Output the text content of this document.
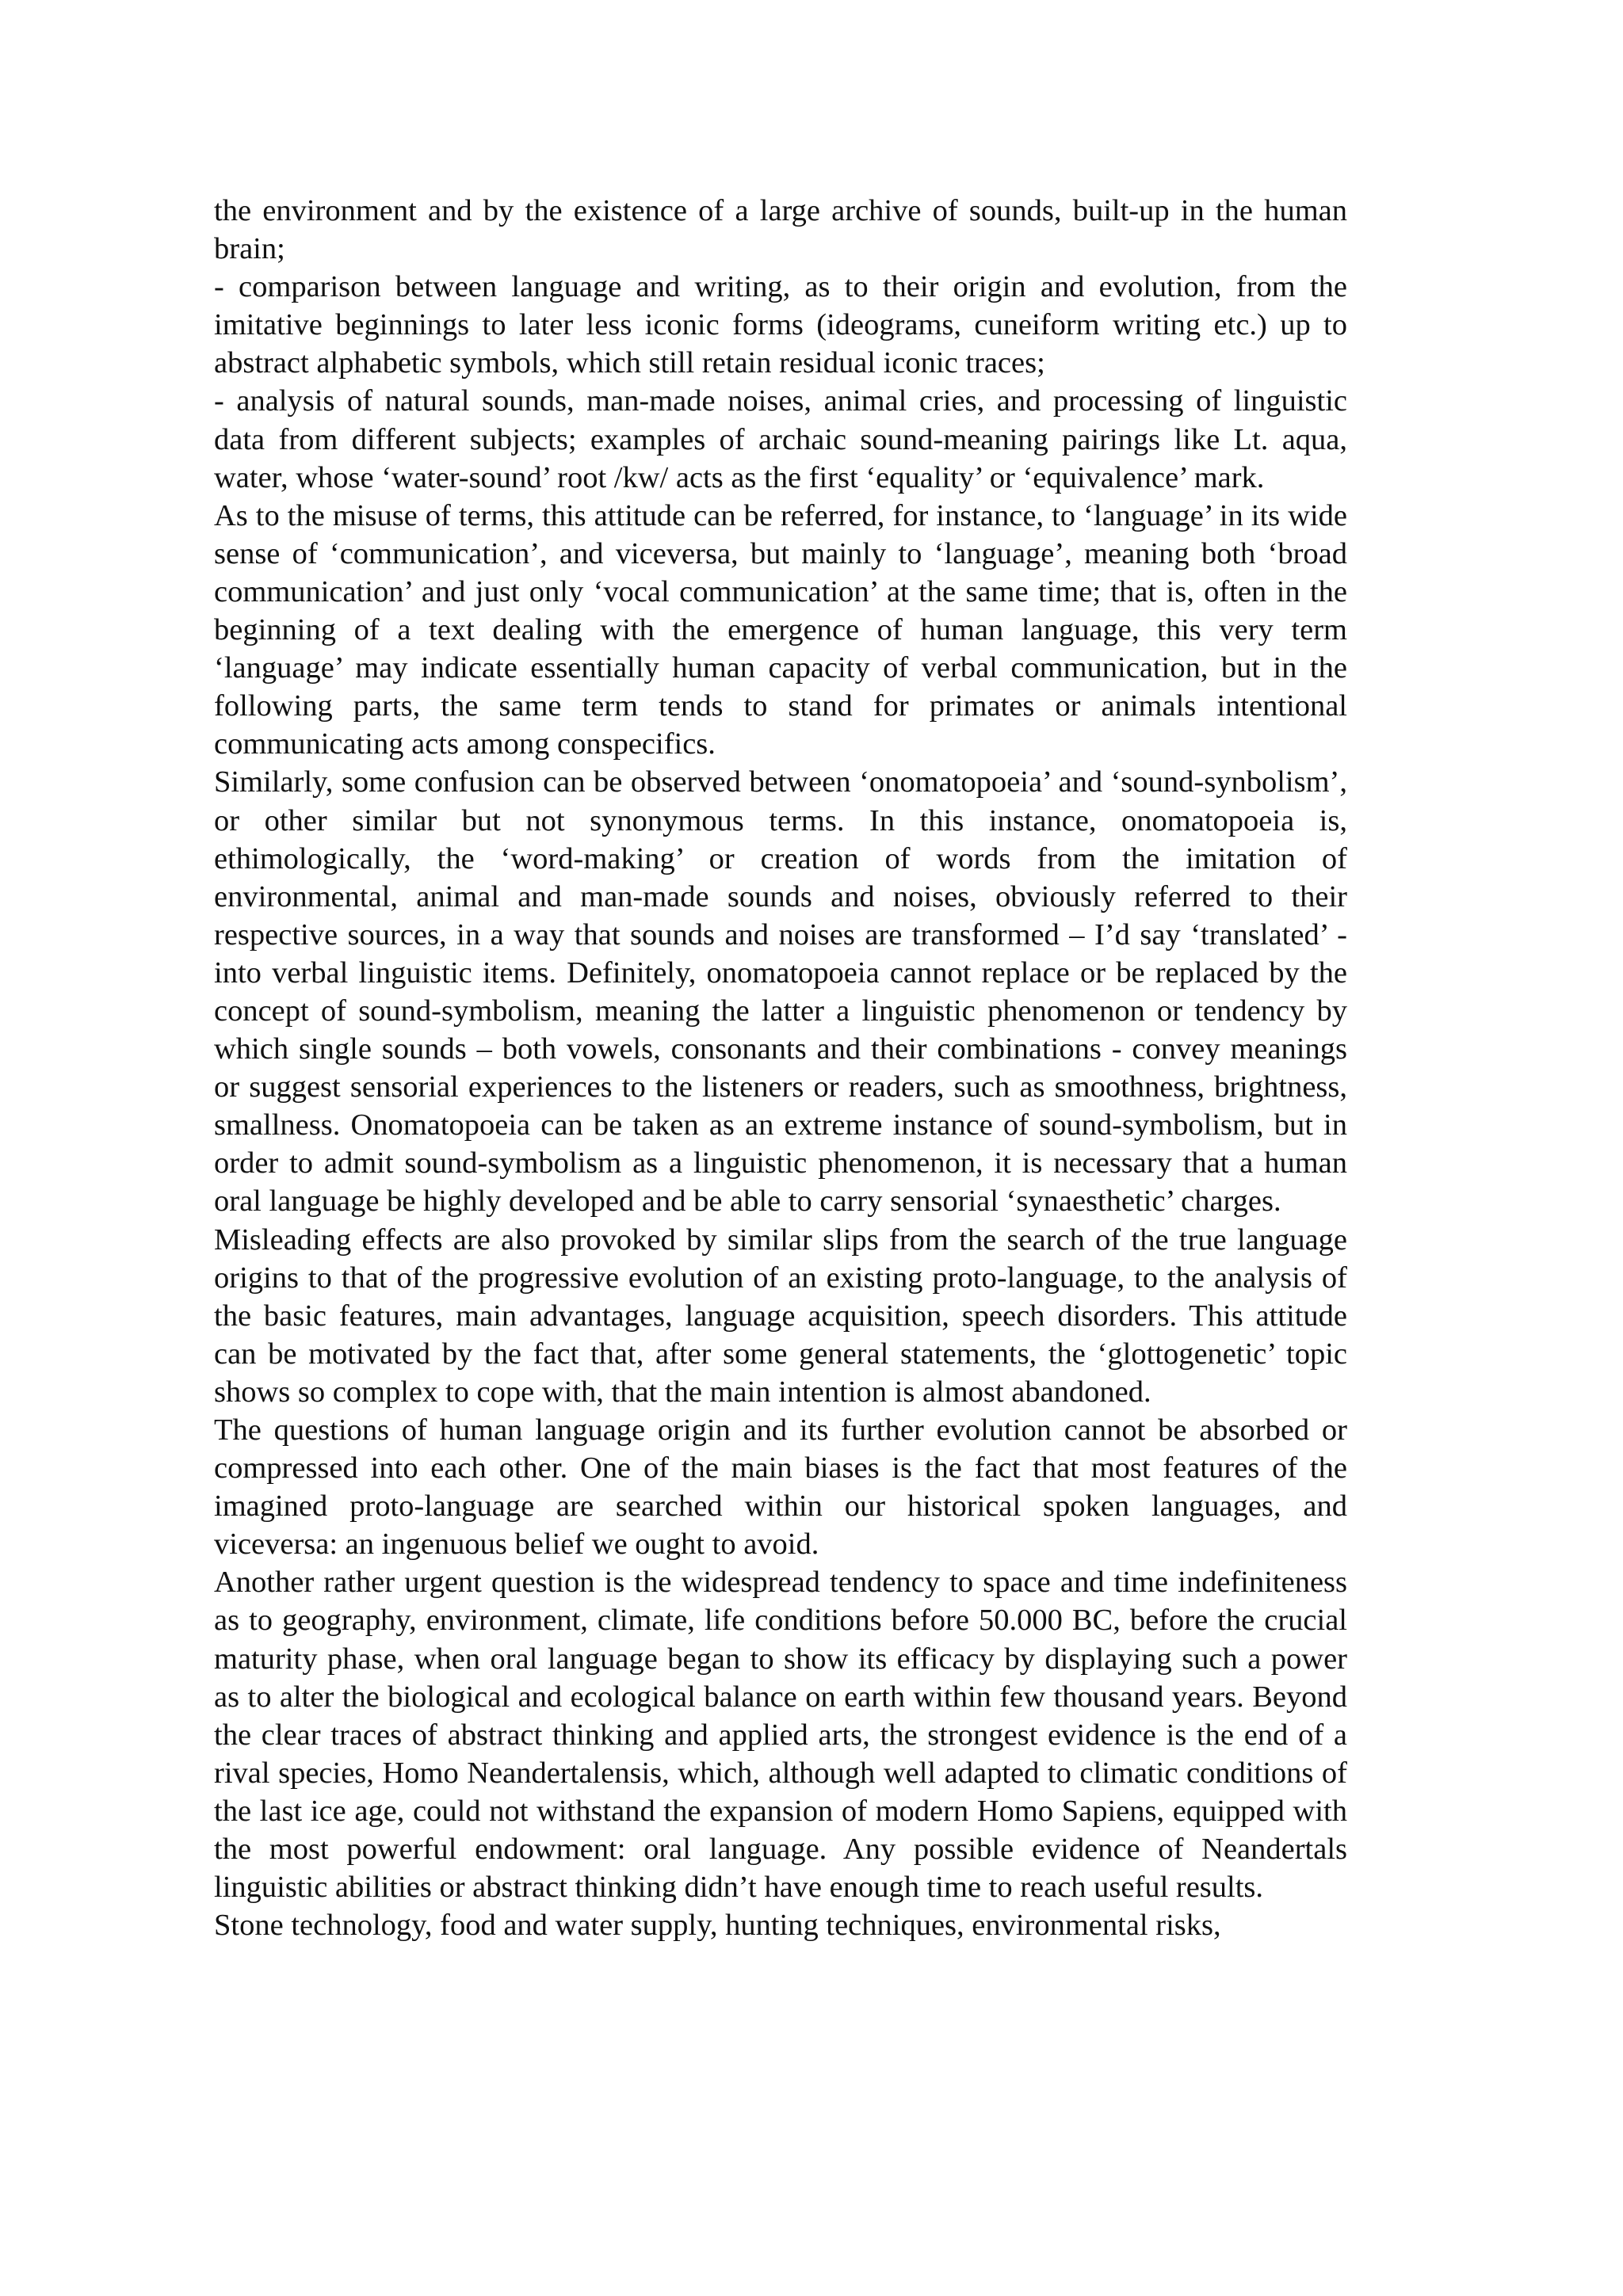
the environment and by the existence of a large archive of sounds, built-up in the human brain;

- comparison between language and writing, as to their origin and evolution, from the imitative beginnings to later less iconic forms (ideograms, cuneiform writing etc.) up to abstract alphabetic symbols, which still retain residual iconic traces;

- analysis of natural sounds, man-made noises, animal cries, and processing of linguistic data from different subjects; examples of archaic sound-meaning pairings like Lt. aqua, water, whose ‘water-sound’ root /kw/ acts as the first ‘equality’ or ‘equivalence’ mark.

As to the misuse of terms, this attitude can be referred, for instance, to ‘language’ in its wide sense of ‘communication’, and viceversa, but mainly to ‘language’, meaning both ‘broad communication’ and just only ‘vocal communication’ at the same time; that is, often in the beginning of a text dealing with the emergence of human language, this very term ‘language’ may indicate essentially human capacity of verbal communication, but in the following parts, the same term tends to stand for primates or animals intentional communicating acts among conspecifics.

Similarly, some confusion can be observed between ‘onomatopoeia’ and ‘sound-synbolism’, or other similar but not synonymous terms. In this instance, onomatopoeia is, ethimologically, the ‘word-making’ or creation of words from the imitation of environmental, animal and man-made sounds and noises, obviously referred to their respective sources, in a way that sounds and noises are transformed – I’d say ‘translated’ - into verbal linguistic items. Definitely, onomatopoeia cannot replace or be replaced by the concept of sound-symbolism, meaning the latter a linguistic phenomenon or tendency by which single sounds – both vowels, consonants and their combinations - convey meanings or suggest sensorial experiences to the listeners or readers, such as smoothness, brightness, smallness. Onomatopoeia can be taken as an extreme instance of sound-symbolism, but in order to admit sound-symbolism as a linguistic phenomenon, it is necessary that a human oral language be highly developed and be able to carry sensorial ‘synaesthetic’ charges.

Misleading effects are also provoked by similar slips from the search of the true language origins to that of the progressive evolution of an existing proto-language, to the analysis of the basic features, main advantages, language acquisition, speech disorders. This attitude can be motivated by the fact that, after some general statements, the ‘glottogenetic’ topic shows so complex to cope with, that the main intention is almost abandoned.

The questions of human language origin and its further evolution cannot be absorbed or compressed into each other. One of the main biases is the fact that most features of the imagined proto-language are searched within our historical spoken languages, and viceversa: an ingenuous belief we ought to avoid.

Another rather urgent question is the widespread tendency to space and time indefiniteness as to geography, environment, climate, life conditions before 50.000 BC, before the crucial maturity phase, when oral language began to show its efficacy by displaying such a power as to alter the biological and ecological balance on earth within few thousand years. Beyond the clear traces of abstract thinking and applied arts, the strongest evidence is the end of a rival species, Homo Neandertalensis, which, although well adapted to climatic conditions of the last ice age, could not withstand the expansion of modern Homo Sapiens, equipped with the most powerful endowment: oral language. Any possible evidence of Neandertals linguistic abilities or abstract thinking didn’t have enough time to reach useful results.

Stone technology, food and water supply, hunting techniques, environmental risks,
